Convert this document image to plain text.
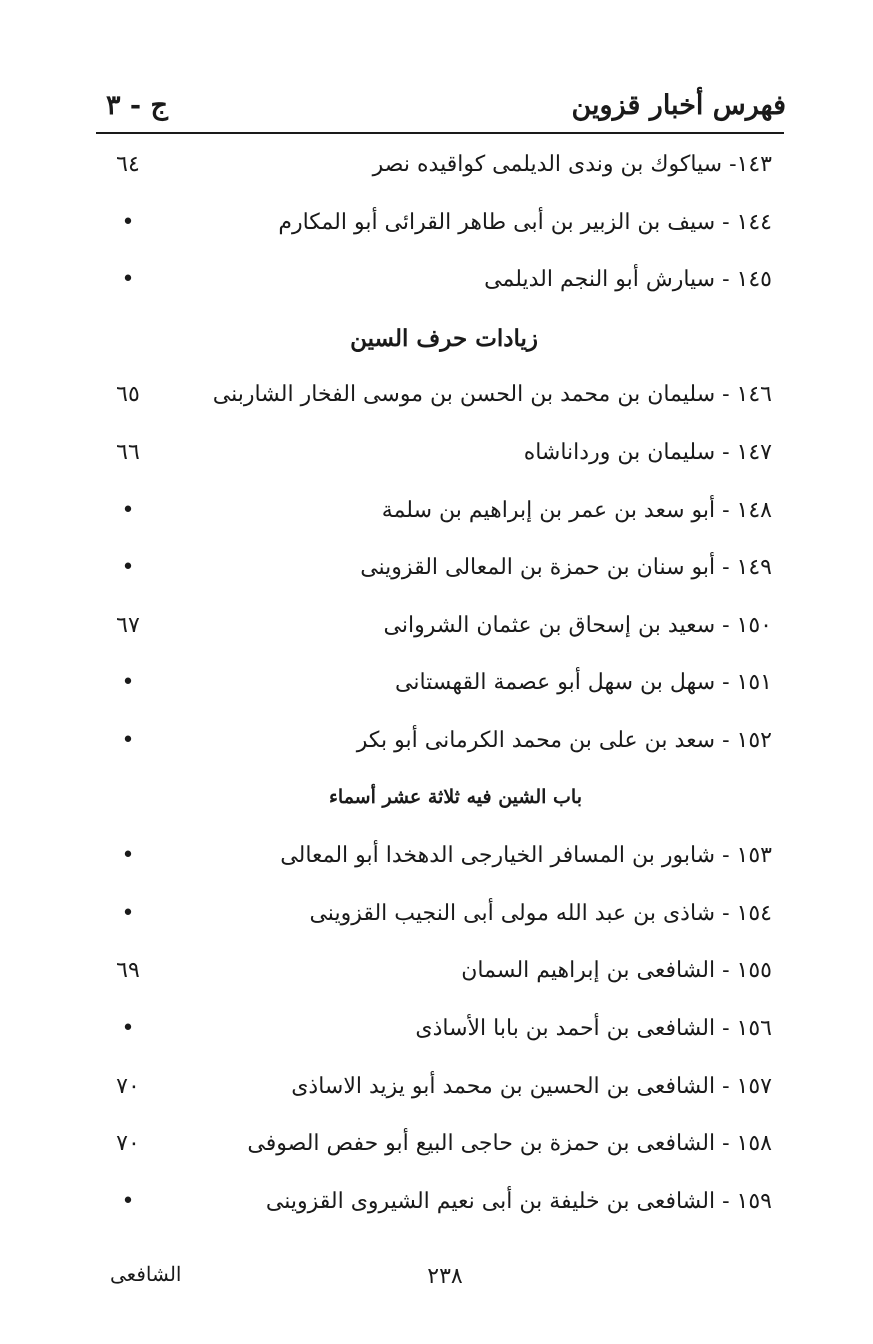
فهرس أخبار قزوين
ج - ٣
١٤٣- سياكوك بن وندى الديلمى كواقيده نصر
٦٤
١٤٤ - سيف بن الزبير بن أبى طاهر القرائى أبو المكارم
•
١٤٥ - سيارش أبو النجم الديلمى
•
زيادات حرف السين
١٤٦ - سليمان بن محمد بن الحسن بن موسى الفخار الشاربنى
٦٥
١٤٧ - سليمان بن ورداناشاه
٦٦
١٤٨ - أبو سعد بن عمر بن إبراهيم بن سلمة
•
١٤٩ - أبو سنان بن حمزة بن المعالى القزوينى
•
١٥٠ - سعيد بن إسحاق بن عثمان الشروانى
٦٧
١٥١ - سهل بن سهل أبو عصمة القهستانى
•
١٥٢ - سعد بن على بن محمد الكرمانى أبو بكر
•
باب الشين فيه ثلاثة عشر أسماء
١٥٣ - شابور بن المسافر الخيارجى الدهخدا أبو المعالى
•
١٥٤ - شاذى بن عبد الله مولى أبى النجيب القزوينى
•
١٥٥ - الشافعى بن إبراهيم السمان
٦٩
١٥٦ - الشافعى بن أحمد بن بابا الأساذى
•
١٥٧ - الشافعى بن الحسين بن محمد أبو يزيد الاساذى
٧٠
١٥٨ - الشافعى بن حمزة بن حاجى البيع أبو حفص الصوفى
٧٠
١٥٩ - الشافعى بن خليفة بن أبى نعيم الشيروى القزوينى
•
الشافعى	٢٣٨
